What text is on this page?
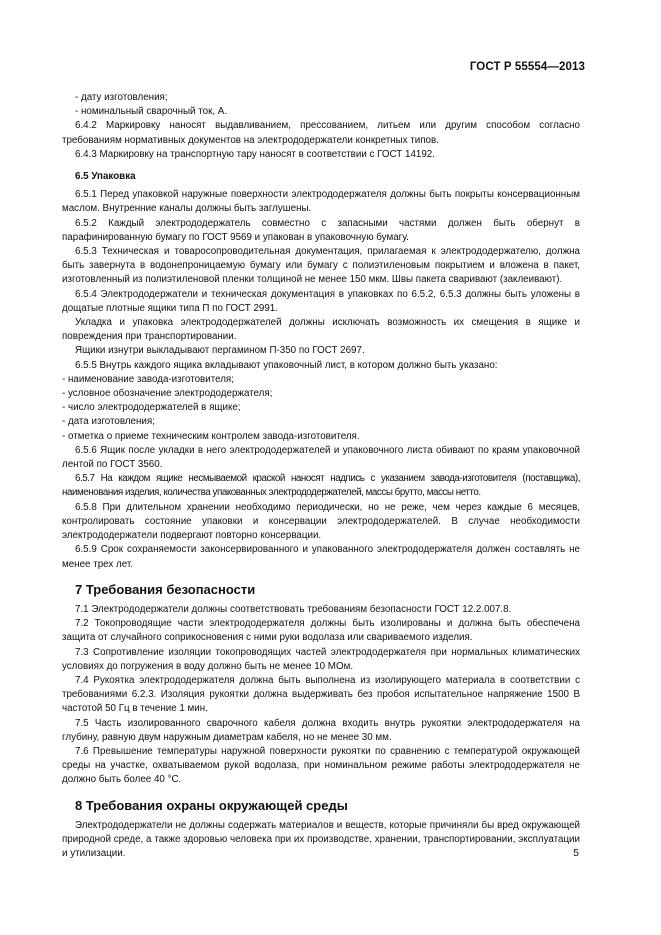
ГОСТ Р 55554—2013

- дату изготовления;

- номинальный сварочный ток, А.

6.4.2 Маркировку наносят выдавливанием, прессованием, литьем или другим способом согласно требованиям нормативных документов на электрододержатели конкретных типов.

6.4.3 Маркировку на транспортную тару наносят в соответствии с ГОСТ 14192.

6.5 Упаковка

6.5.1 Перед упаковкой наружные поверхности электрододержателя должны быть покрыты консервационным маслом. Внутренние каналы должны быть заглушены.

6.5.2 Каждый электрододержатель совместно с запасными частями должен быть обернут в парафинированную бумагу по ГОСТ 9569 и упакован в упаковочную бумагу.

6.5.3 Техническая и товаросопроводительная документация, прилагаемая к электрододержателю, должна быть завернута в водонепроницаемую бумагу или бумагу с полиэтиленовым покрытием и вложена в пакет, изготовленный из полиэтиленовой пленки толщиной не менее 150 мкм. Швы пакета сваривают (заклеивают).

6.5.4 Электрододержатели и техническая документация в упаковках по 6.5.2, 6.5.3 должны быть уложены в дощатые плотные ящики типа П по ГОСТ 2991.

Укладка и упаковка электрододержателей должны исключать возможность их смещения в ящике и повреждения при транспортировании.

Ящики изнутри выкладывают пергамином П-350 по ГОСТ 2697.

6.5.5 Внутрь каждого ящика вкладывают упаковочный лист, в котором должно быть указано:

- наименование завода-изготовителя;

- условное обозначение электрододержателя;

- число электрододержателей в ящике;

- дата изготовления;

- отметка о приеме техническим контролем завода-изготовителя.

6.5.6 Ящик после укладки в него электрододержателей и упаковочного листа обивают по краям упаковочной лентой по ГОСТ 3560.

6.5.7 На каждом ящике несмываемой краской наносят надпись с указанием завода-изготовителя (поставщика), наименования изделия, количества упакованных электрододержателей, массы брутто, массы нетто.

6.5.8 При длительном хранении необходимо периодически, но не реже, чем через каждые 6 месяцев, контролировать состояние упаковки и консервации электрододержателей. В случае необходимости электрододержатели подвергают повторно консервации.

6.5.9 Срок сохраняемости законсервированного и упакованного электрододержателя должен составлять не менее трех лет.

7 Требования безопасности

7.1 Электрододержатели должны соответствовать требованиям безопасности ГОСТ 12.2.007.8.

7.2 Токопроводящие части электрододержателя должны быть изолированы и должна быть обеспечена защита от случайного соприкосновения с ними руки водолаза или свариваемого изделия.

7.3 Сопротивление изоляции токопроводящих частей электрододержателя при нормальных климатических условиях до погружения в воду должно быть не менее 10 МОм.

7.4 Рукоятка электрододержателя должна быть выполнена из изолирующего материала в соответствии с требованиями 6.2.3. Изоляция рукоятки должна выдерживать без пробоя испытательное напряжение 1500 В частотой 50 Гц в течение 1 мин.

7.5 Часть изолированного сварочного кабеля должна входить внутрь рукоятки электрододержателя на глубину, равную двум наружным диаметрам кабеля, но не менее 30 мм.

7.6 Превышение температуры наружной поверхности рукоятки по сравнению с температурой окружающей среды на участке, охватываемом рукой водолаза, при номинальном режиме работы электрододержателя не должно быть более 40 °С.

8 Требования охраны окружающей среды

Электрододержатели не должны содержать материалов и веществ, которые причиняли бы вред окружающей природной среде, а также здоровью человека при их производстве, хранении, транспортировании, эксплуатации и утилизации.	5
